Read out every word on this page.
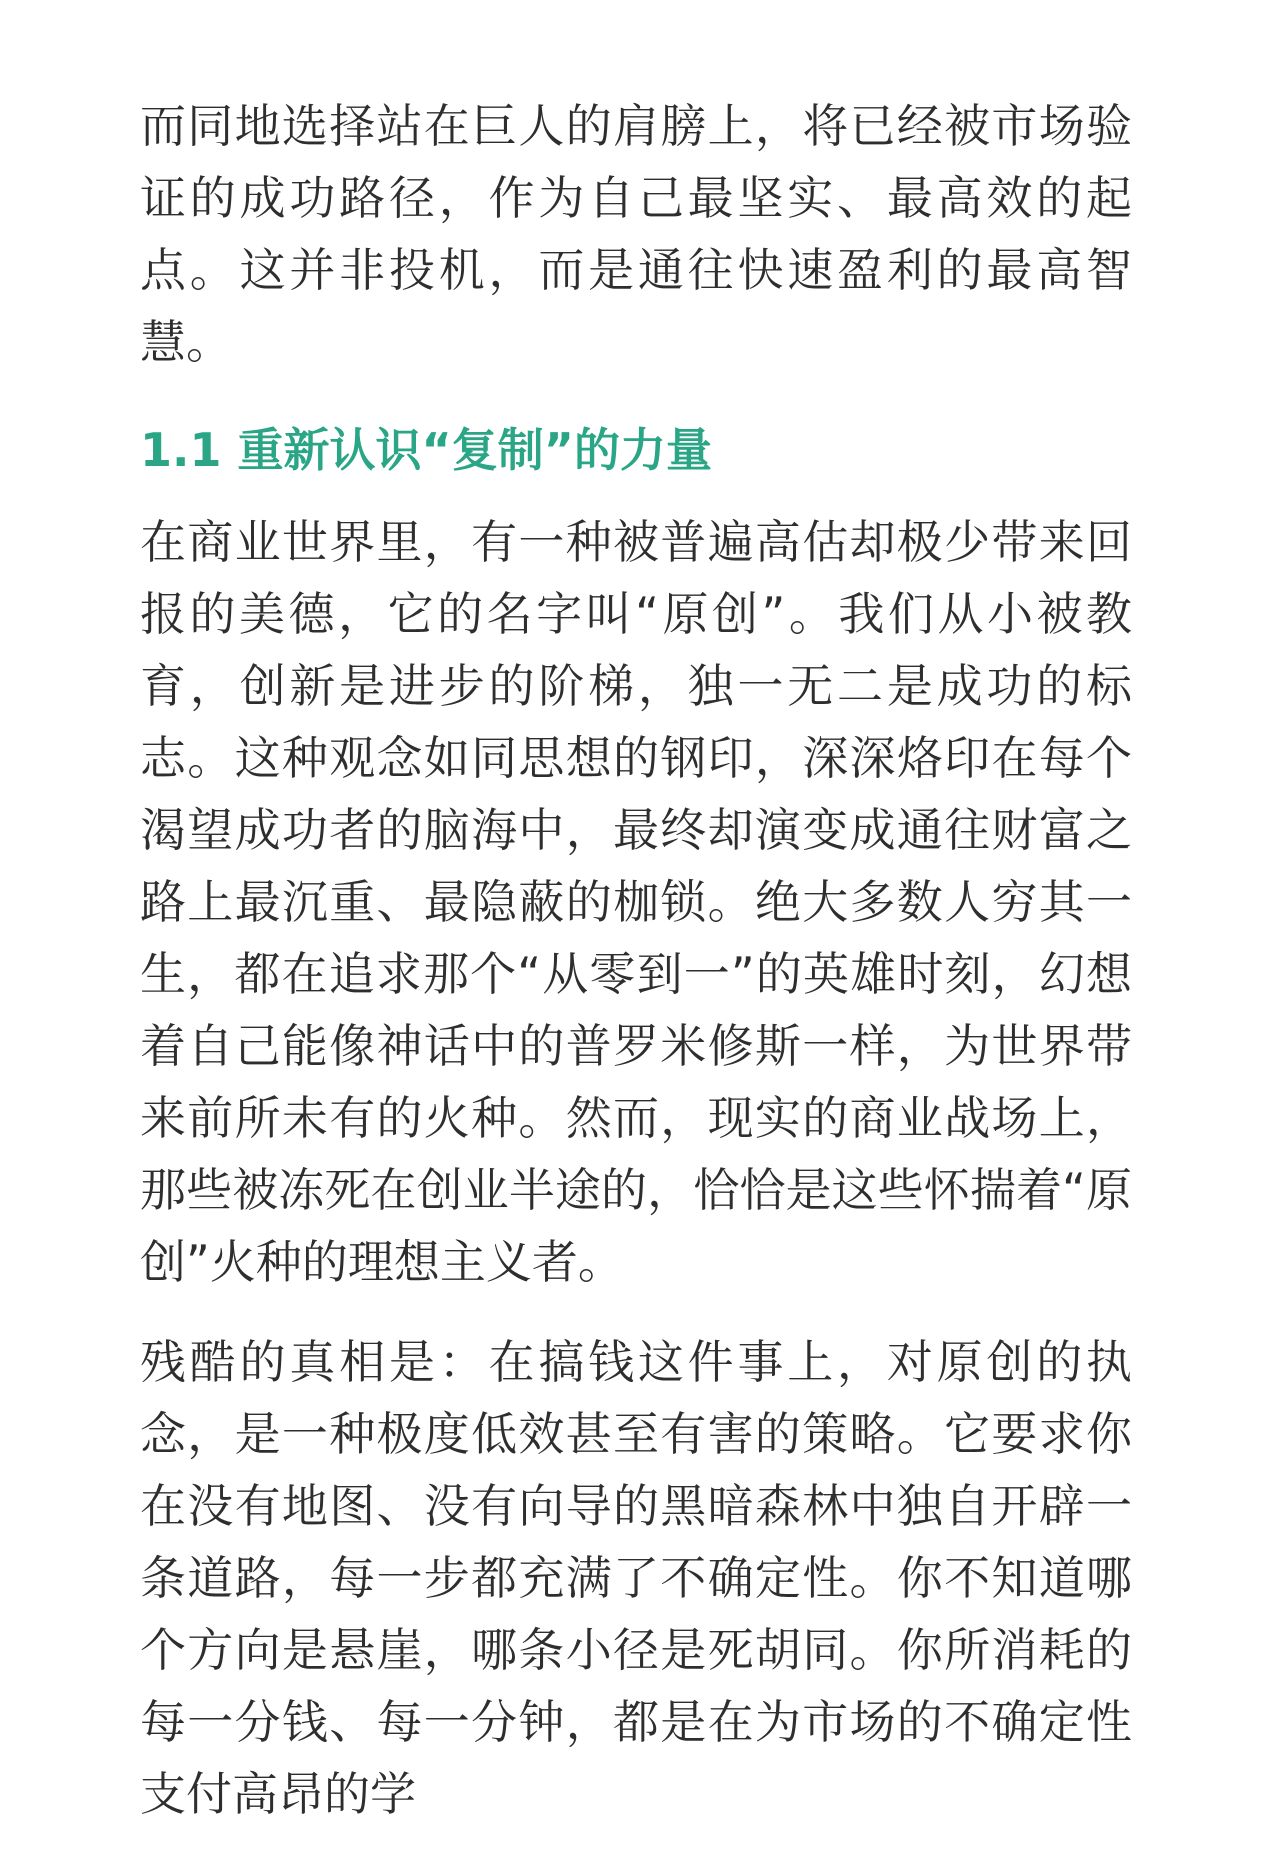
而同地选择站在巨人的肩膀上，将已经被市场验证的成功路径，作为自己最坚实、最高效的起点。这并非投机，而是通往快速盈利的最高智慧。

1.1 重新认识“复制”的力量

在商业世界里，有一种被普遍高估却极少带来回报的美德，它的名字叫“原创”。我们从小被教育，创新是进步的阶梯，独一无二是成功的标志。这种观念如同思想的钢印，深深烙印在每个渴望成功者的脑海中，最终却演变成通往财富之路上最沉重、最隐蔽的枷锁。绝大多数人穷其一生，都在追求那个“从零到一”的英雄时刻，幻想着自己能像神话中的普罗米修斯一样，为世界带来前所未有的火种。然而，现实的商业战场上，那些被冻死在创业半途的，恰恰是这些怀揣着“原创”火种的理想主义者。

残酷的真相是：在搞钱这件事上，对原创的执念，是一种极度低效甚至有害的策略。它要求你在没有地图、没有向导的黑暗森林中独自开辟一条道路，每一步都充满了不确定性。你不知道哪个方向是悬崖，哪条小径是死胡同。你所消耗的每一分钱、每一分钟，都是在为市场的不确定性支付高昂的学
